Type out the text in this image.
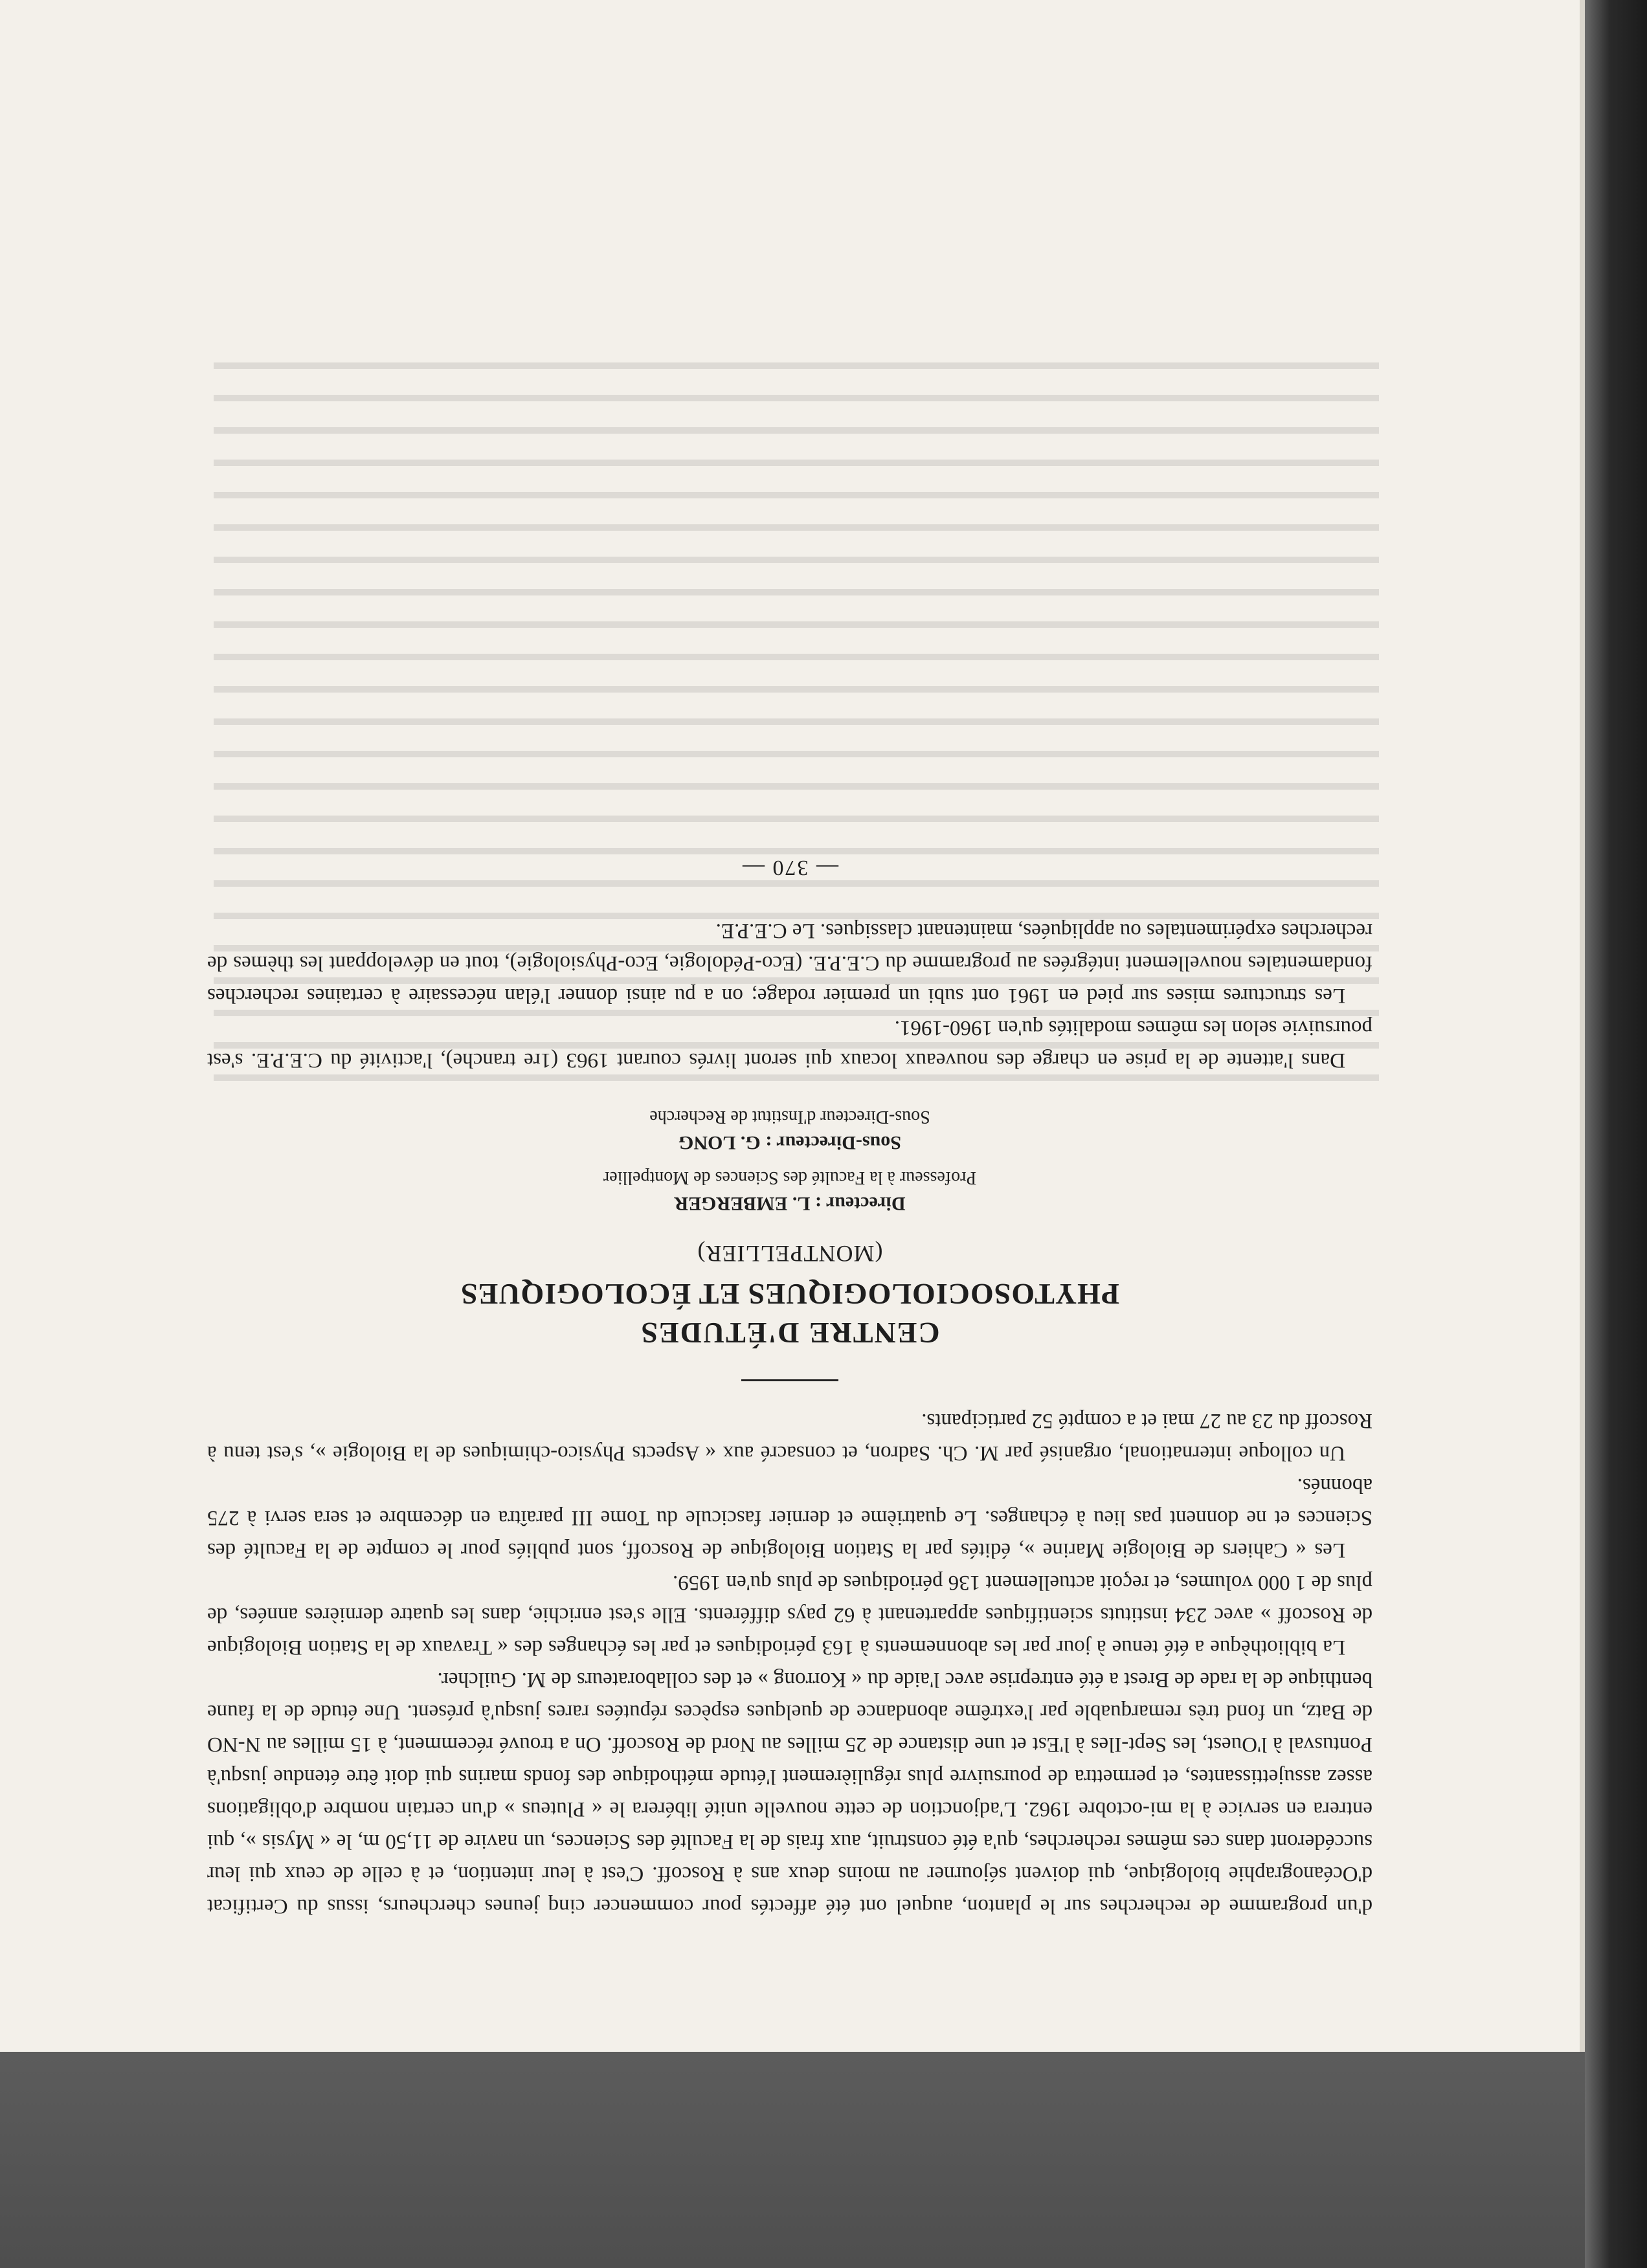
d'un programme de recherches sur le planton, auquel ont été affectés pour commencer cinq jeunes chercheurs, issus du Certificat d'Océanographie biologique, qui doivent séjourner au moins deux ans à Roscoff. C'est à leur intention, et à celle de ceux qui leur succéderont dans ces mêmes recherches, qu'a été construit, aux frais de la Faculté des Sciences, un navire de 11,50 m, le « Mysis », qui entrera en service à la mi-octobre 1962. L'adjonction de cette nouvelle unité libérera le « Pluteus » d'un certain nombre d'obligations assez assujettissantes, et permettra de poursuivre plus régulièrement l'étude méthodique des fonds marins qui doit être étendue jusqu'à Pontusval à l'Ouest, les Sept-Iles à l'Est et une distance de 25 milles au Nord de Roscoff. On a trouvé récemment, à 15 milles au N-NO de Batz, un fond très remarquable par l'extrême abondance de quelques espèces réputées rares jusqu'à présent. Une étude de la faune benthique de la rade de Brest a été entreprise avec l'aide du « Korrong » et des collaborateurs de M. Guilcher.

La bibliothèque a été tenue à jour par les abonnements à 163 périodiques et par les échanges des « Travaux de la Station Biologique de Roscoff » avec 234 instituts scientifiques appartenant à 62 pays différents. Elle s'est enrichie, dans les quatre dernières années, de plus de 1 000 volumes, et reçoit actuellement 136 périodiques de plus qu'en 1959.

Les « Cahiers de Biologie Marine », édités par la Station Biologique de Roscoff, sont publiés pour le compte de la Faculté des Sciences et ne donnent pas lieu à échanges. Le quatrième et dernier fascicule du Tome III paraîtra en décembre et sera servi à 275 abonnés.

Un colloque international, organisé par M. Ch. Sadron, et consacré aux « Aspects Physico-chimiques de la Biologie », s'est tenu à Roscoff du 23 au 27 mai et a compté 52 participants.

CENTRE D'ÉTUDES
PHYTOSOCIOLOGIQUES ET ÉCOLOGIQUES
(MONTPELLIER)

Directeur : L. EMBERGER

Professeur à la Faculté des Sciences de Montpellier

Sous-Directeur : G. LONG

Sous-Directeur d'Institut de Recherche

Dans l'attente de la prise en charge des nouveaux locaux qui seront livrés courant 1963 (1re tranche), l'activité du C.E.P.E. s'est poursuivie selon les mêmes modalités qu'en 1960-1961.

Les structures mises sur pied en 1961 ont subi un premier rodage; on a pu ainsi donner l'élan nécessaire à certaines recherches fondamentales nouvellement intégrées au programme du C.E.P.E. (Eco-Pédologie, Eco-Physiologie), tout en développant les thèmes de recherches expérimentales ou appliquées, maintenant classiques. Le C.E.P.E.

— 370 —
